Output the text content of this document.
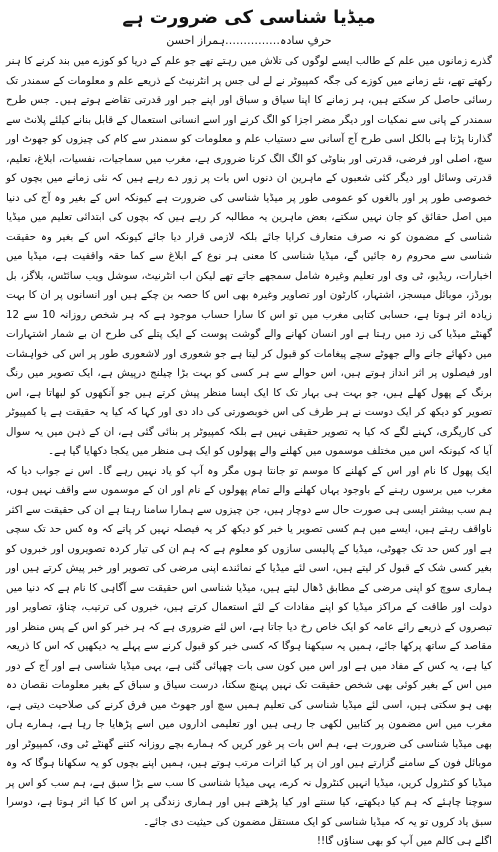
میڈیا شناسی کی ضرورت ہے
حرفِ سادہ……………ہمراز احسن

گذرے زمانوں میں علم کے طالب ایسے لوگوں کی تلاش میں رہتے تھے جو علم کے دریا کو کوزے میں بند کرنے کا ہنر رکھتے تھے، نئے زمانے میں کوزے کی جگہ کمپیوٹر نے لے لی جس پر انٹرنیٹ کے ذریعے علم و معلومات کے سمندر تک رسائی حاصل کر سکتے ہیں، ہر زمانے کا اپنا سیاق و سباق اور اپنے جبر اور قدرتی تقاضے ہوتے ہیں۔ جس طرح سمندر کے پانی سے نمکیات اور دیگر مضر اجزا کو الگ کرنے اور اسے انسانی استعمال کے قابل بنانے کیلئے پلانٹ سے گذارنا پڑتا ہے بالکل اسی طرح آج آسانی سے دستیاب علم و معلومات کو سمندر سے کام کی چیزوں کو جھوٹ اور سچ، اصلی اور فرضی، قدرتی اور بناوٹی کو الگ الگ کرنا ضروری ہے، مغرب میں سماجیات، نفسیات، ابلاغ، تعلیم، قدرتی وسائل اور دیگر کئی شعبوں کے ماہرین ان دنوں اس بات پر زور دے رہے ہیں کہ نئی زمانے میں بچوں کو خصوصی طور پر اور بالغوں کو عمومی طور پر میڈیا شناسی کی ضرورت ہے کیونکہ اس کے بغیر وہ آج کی دنیا میں اصل حقائق کو جان نہیں سکتے، بعض ماہرین یہ مطالبہ کر رہے ہیں کہ بچوں کی ابتدائی تعلیم میں میڈیا شناسی کے مضمون کو نہ صرف متعارف کرایا جائے بلکہ لازمی قرار دیا جائے کیونکہ اس کے بغیر وہ حقیقت شناسی سے محروم رہ جائیں گے، میڈیا شناسی کا معنی ہر نوع کے ابلاغ سے کما حقہ واقفیت ہے، میڈیا میں اخبارات، ریڈیو، ٹی وی اور تعلیم وغیرہ شامل سمجھے جاتے تھے لیکن اب انٹرنیٹ، سوشل ویب سائٹس، بلاگز، بل بورڈز، موبائل میسجز، اشتہار، کارٹون اور تصاویر وغیرہ بھی اس کا حصہ بن چکے ہیں اور انسانوں پر ان کا بہت زیادہ اثر ہوتا ہے، حسابی کتابی مغرب میں تو اس کا سارا حساب موجود ہے کہ ہر شخص روزانہ 10 سے 12 گھنٹے میڈیا کی زد میں رہتا ہے اور انسان کھانے والے گوشت پوست کے ایک پتلے کی طرح ان بے شمار اشتہارات میں دکھائے جانے والے جھوٹے سچے پیغامات کو قبول کر لیتا ہے جو شعوری اور لاشعوری طور پر اس کی خواہشات اور فیصلوں پر اثر انداز ہوتے ہیں، اس حوالے سے ہر کسی کو بہت بڑا چیلنج درپیش ہے، ایک تصویر میں رنگ برنگ کے پھول کھلے ہیں، جو بہت ہی بہار تک کا ایک ایسا منظر پیش کرتے ہیں جو آنکھوں کو لبھاتا ہے، اس تصویر کو دیکھ کر ایک دوست نے ہر طرف کی اس خوبصورتی کی داد دی اور کہا کہ کیا یہ حقیقت ہے یا کمپیوٹر کی کاریگری، کہنے لگے کہ کیا یہ تصویر حقیقی نہیں ہے بلکہ کمپیوٹر پر بنائی گئی ہے، ان کے ذہن میں یہ سوال آیا کہ کیونکہ اس میں مختلف موسموں میں کھلنے والے پھولوں کو ایک ہی منظر میں یکجا دکھایا گیا ہے۔

ایک پھول کا نام اور اس کے کھلنے کا موسم تو جانتا ہوں مگر وہ آپ کو یاد نہیں رہے گا۔ اس نے جواب دیا کہ مغرب میں برسوں رہنے کے باوجود یہاں کھلنے والے تمام پھولوں کے نام اور ان کے موسموں سے واقف نہیں ہوں، ہم سب بیشتر ایسی ہی صورت حال سے دوچار ہیں، جن چیزوں سے ہمارا سامنا رہتا ہے ان کی حقیقت سے اکثر ناواقف رہتے ہیں، ایسے میں ہم کسی تصویر یا خبر کو دیکھ کر یہ فیصلہ نہیں کر پاتے کہ وہ کس حد تک سچی ہے اور کس حد تک جھوٹی، میڈیا کے پالیسی سازوں کو معلوم ہے کہ ہم ان کی تیار کردہ تصویروں اور خبروں کو بغیر کسی شک کے قبول کر لیتے ہیں، اسی لئے میڈیا کے نمائندے اپنی مرضی کی تصویر اور خبر پیش کرتے ہیں اور ہماری سوچ کو اپنی مرضی کے مطابق ڈھال لیتے ہیں، میڈیا شناسی اس حقیقت سے آگاہی کا نام ہے کہ دنیا میں دولت اور طاقت کے مراکز میڈیا کو اپنے مفادات کے لئے استعمال کرتے ہیں، خبروں کی ترتیب، چناؤ، تصاویر اور تبصروں کے ذریعے رائے عامہ کو ایک خاص رخ دیا جاتا ہے، اس لئے ضروری ہے کہ ہر خبر کو اس کے پس منظر اور مقاصد کے ساتھ پرکھا جائے، ہمیں یہ سیکھنا ہوگا کہ کسی خبر کو قبول کرنے سے پہلے یہ دیکھیں کہ اس کا ذریعہ کیا ہے، یہ کس کے مفاد میں ہے اور اس میں کون سی بات چھپائی گئی ہے، یہی میڈیا شناسی ہے اور آج کے دور میں اس کے بغیر کوئی بھی شخص حقیقت تک نہیں پہنچ سکتا، درست سیاق و سباق کے بغیر معلومات نقصان دہ بھی ہو سکتی ہیں، اسی لئے میڈیا شناسی کی تعلیم ہمیں سچ اور جھوٹ میں فرق کرنے کی صلاحیت دیتی ہے، مغرب میں اس مضمون پر کتابیں لکھی جا رہی ہیں اور تعلیمی اداروں میں اسے پڑھایا جا رہا ہے، ہمارے ہاں بھی میڈیا شناسی کی ضرورت ہے، ہم اس بات پر غور کریں کہ ہمارے بچے روزانہ کتنے گھنٹے ٹی وی، کمپیوٹر اور موبائل فون کے سامنے گزارتے ہیں اور ان پر کیا اثرات مرتب ہوتے ہیں، ہمیں اپنے بچوں کو یہ سکھانا ہوگا کہ وہ میڈیا کو کنٹرول کریں، میڈیا انہیں کنٹرول نہ کرے، یہی میڈیا شناسی کا سب سے بڑا سبق ہے، ہم سب کو اس پر سوچنا چاہئے کہ ہم کیا دیکھتے، کیا سنتے اور کیا پڑھتے ہیں اور ہماری زندگی پر اس کا کیا اثر ہوتا ہے، دوسرا سبق یاد کروں تو یہ کہ میڈیا شناسی کو ایک مستقل مضمون کی حیثیت دی جائے۔

اگلے ہی کالم میں آپ کو بھی سناؤں گا!!
